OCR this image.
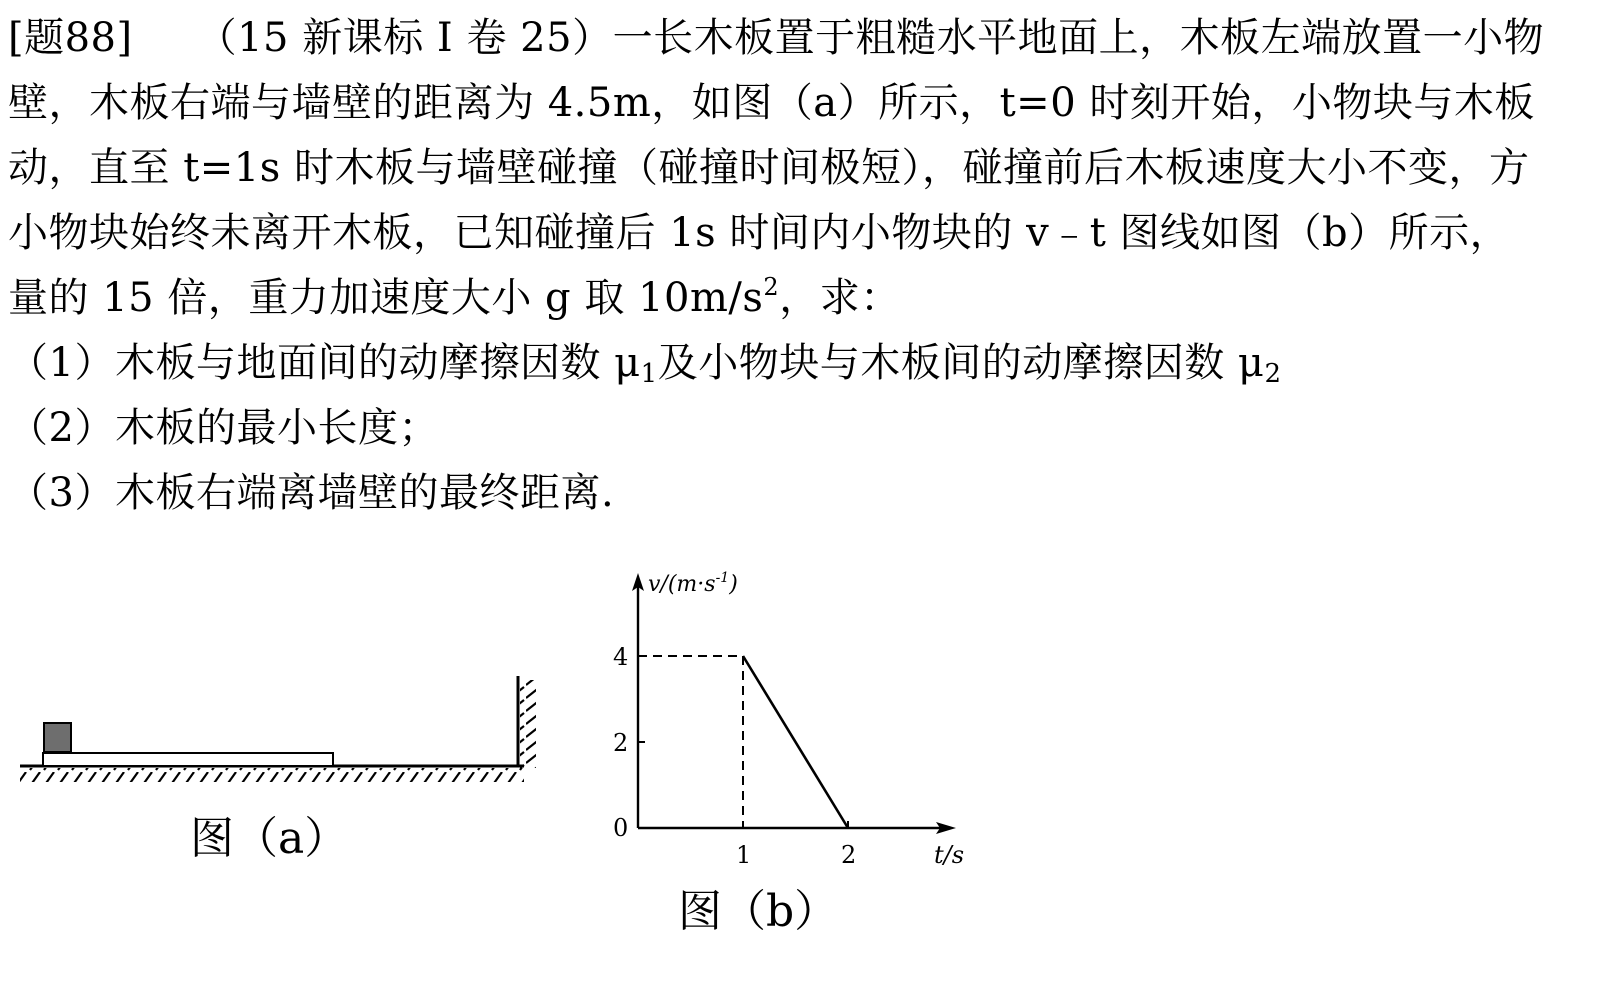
[题88] （15 新课标 I 卷 25）一长木板置于粗糙水平地面上，木板左端放置一小物
壁，木板右端与墙壁的距离为 4.5m，如图（a）所示，t=0 时刻开始，小物块与木板
动，直至 t=1s 时木板与墙壁碰撞（碰撞时间极短），碰撞前后木板速度大小不变，方
小物块始终未离开木板，已知碰撞后 1s 时间内小物块的 v﹣t 图线如图（b）所示，
量的 15 倍，重力加速度大小 g 取 $10m/s^2$，求：
（1）木板与地面间的动摩擦因数 $\mu_1$及小物块与木板间的动摩擦因数 $\mu_2$
（2）木板的最小长度；
（3）木板右端离墙壁的最终距离.
图（a）
$v/(m\cdot s^{-1})$
t/s
0
2
4
1	2
图（b）
